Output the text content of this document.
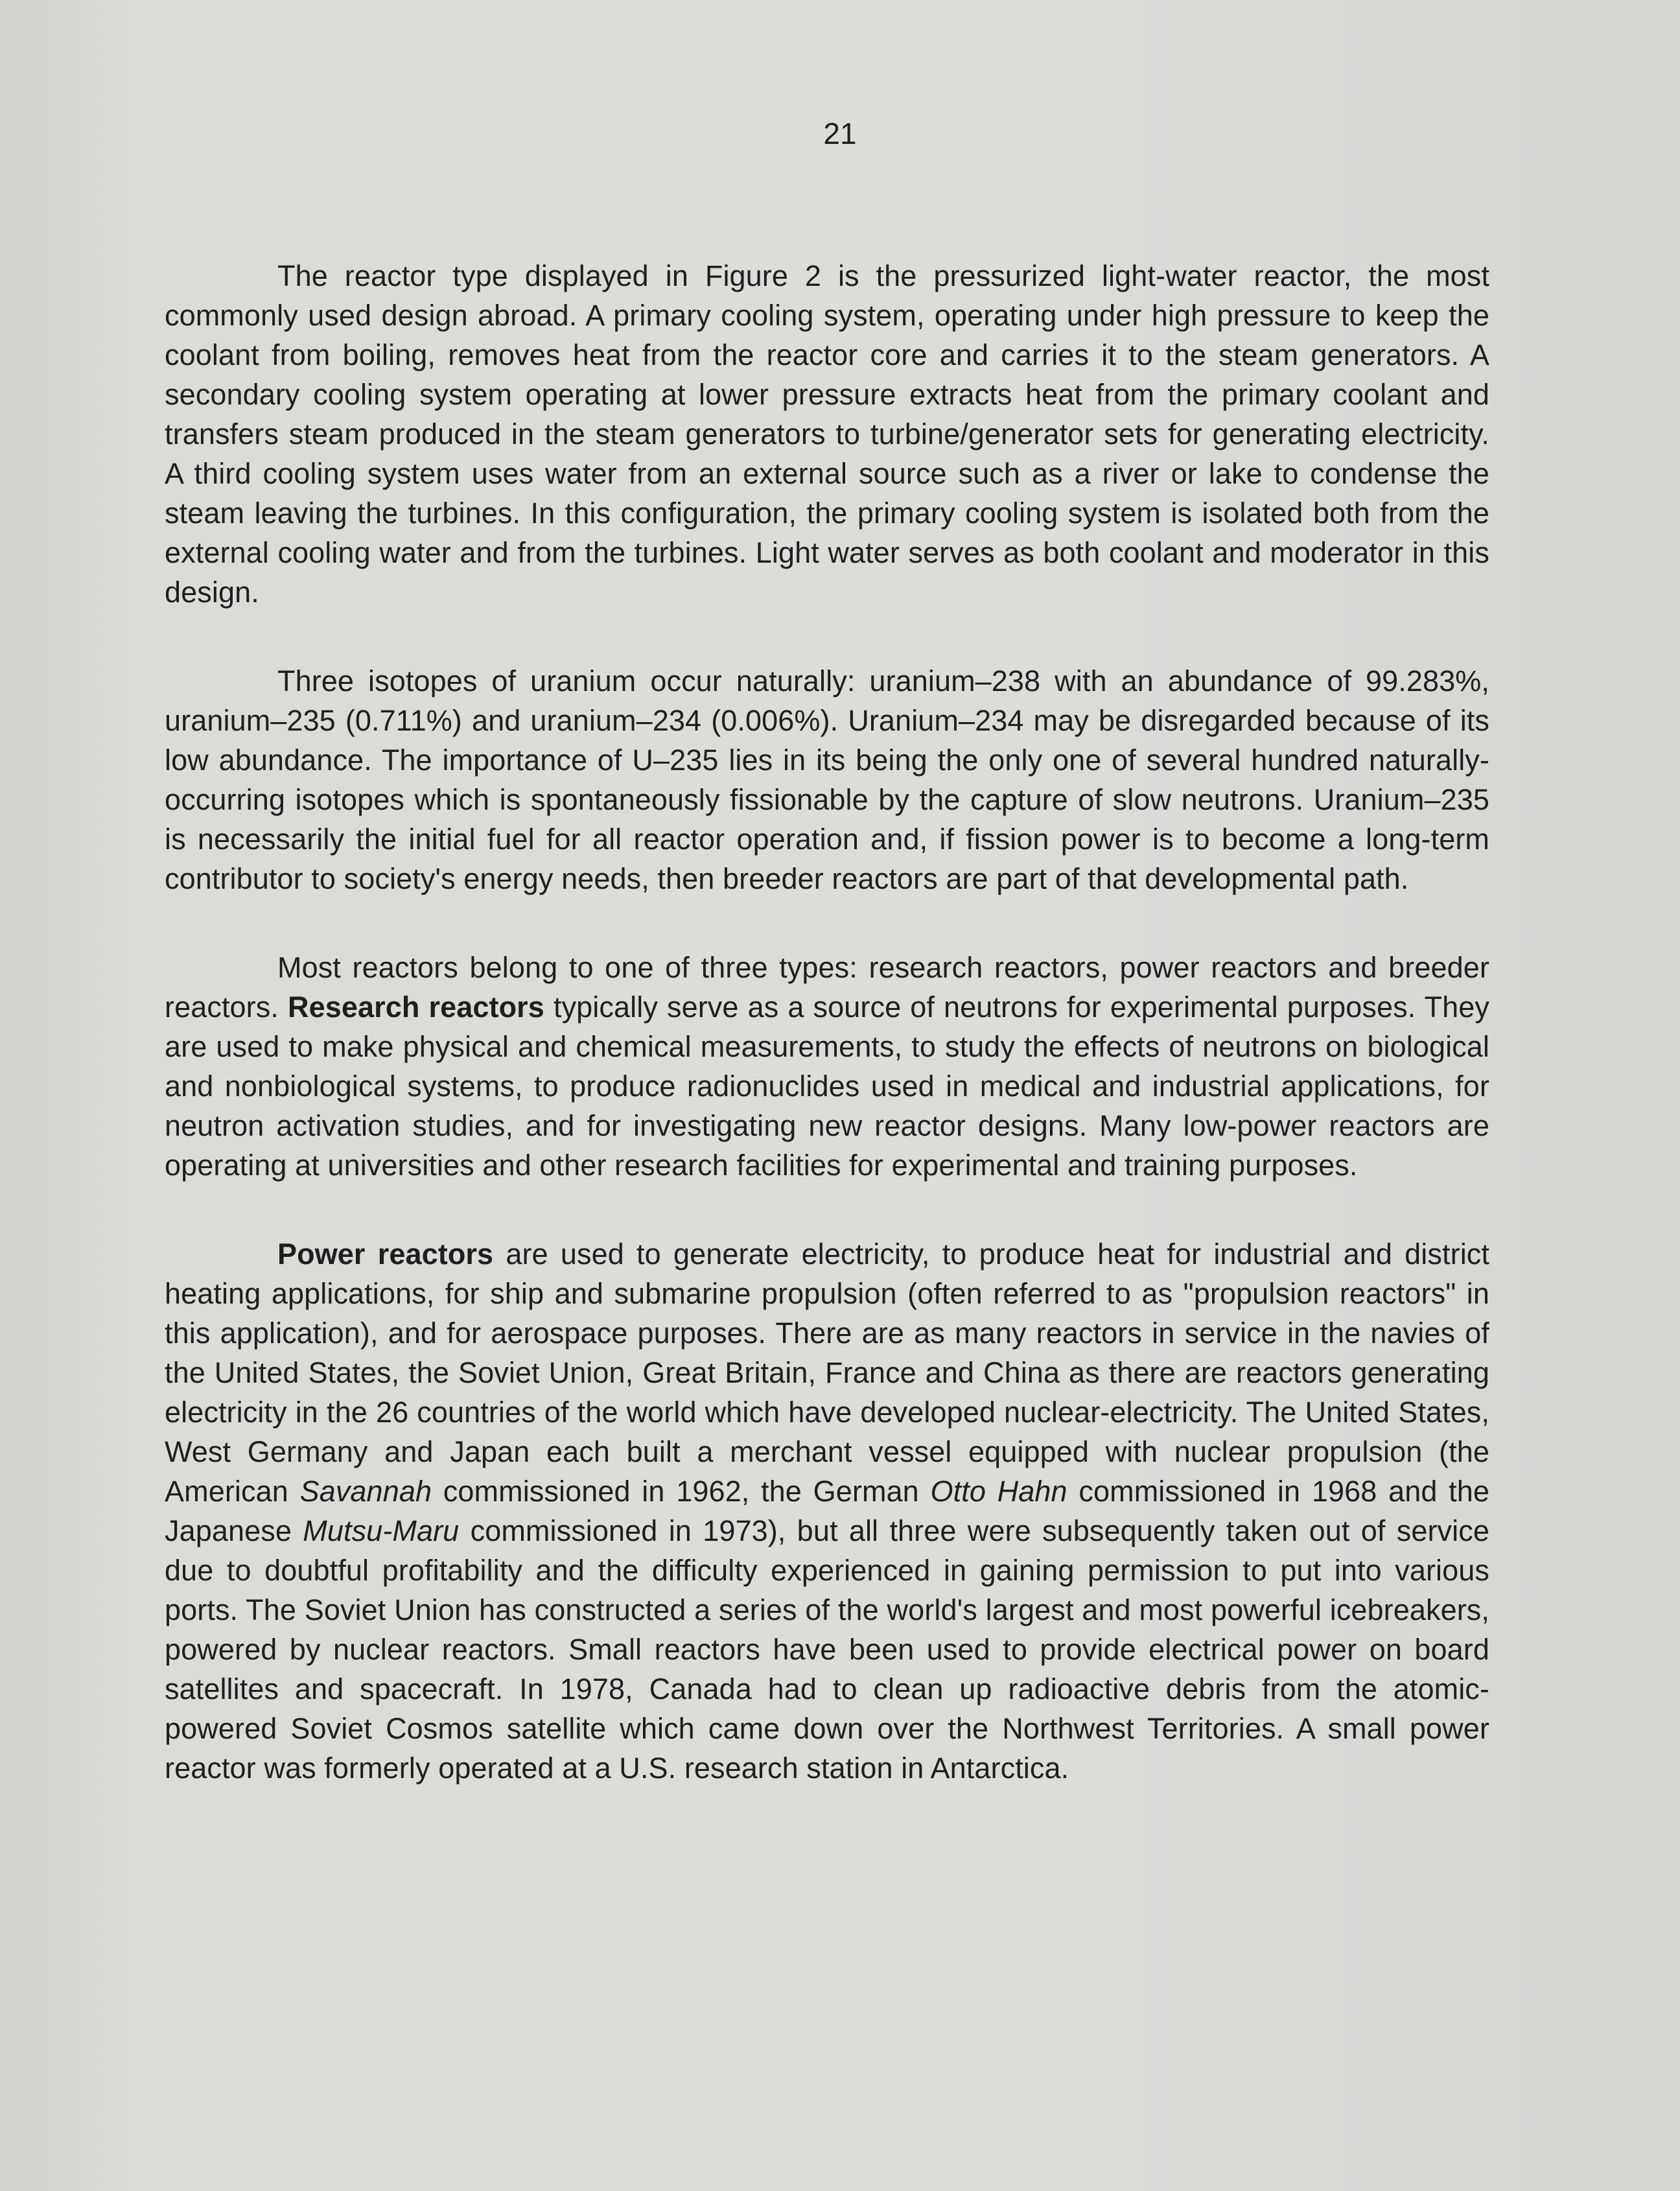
21

The reactor type displayed in Figure 2 is the pressurized light-water reactor, the most commonly used design abroad. A primary cooling system, operating under high pressure to keep the coolant from boiling, removes heat from the reactor core and carries it to the steam generators. A secondary cooling system operating at lower pressure extracts heat from the primary coolant and transfers steam produced in the steam generators to turbine/generator sets for generating electricity. A third cooling system uses water from an external source such as a river or lake to condense the steam leaving the turbines. In this configuration, the primary cooling system is isolated both from the external cooling water and from the turbines. Light water serves as both coolant and moderator in this design.

Three isotopes of uranium occur naturally: uranium–238 with an abundance of 99.283%, uranium–235 (0.711%) and uranium–234 (0.006%). Uranium–234 may be disregarded because of its low abundance. The importance of U–235 lies in its being the only one of several hundred naturally-occurring isotopes which is spontaneously fissionable by the capture of slow neutrons. Uranium–235 is necessarily the initial fuel for all reactor operation and, if fission power is to become a long-term contributor to society's energy needs, then breeder reactors are part of that developmental path.

Most reactors belong to one of three types: research reactors, power reactors and breeder reactors. Research reactors typically serve as a source of neutrons for experimental purposes. They are used to make physical and chemical measurements, to study the effects of neutrons on biological and nonbiological systems, to produce radionuclides used in medical and industrial applications, for neutron activation studies, and for investigating new reactor designs. Many low-power reactors are operating at universities and other research facilities for experimental and training purposes.

Power reactors are used to generate electricity, to produce heat for industrial and district heating applications, for ship and submarine propulsion (often referred to as "propulsion reactors" in this application), and for aerospace purposes. There are as many reactors in service in the navies of the United States, the Soviet Union, Great Britain, France and China as there are reactors generating electricity in the 26 countries of the world which have developed nuclear-electricity. The United States, West Germany and Japan each built a merchant vessel equipped with nuclear propulsion (the American Savannah commissioned in 1962, the German Otto Hahn commissioned in 1968 and the Japanese Mutsu-Maru commissioned in 1973), but all three were subsequently taken out of service due to doubtful profitability and the difficulty experienced in gaining permission to put into various ports. The Soviet Union has constructed a series of the world's largest and most powerful icebreakers, powered by nuclear reactors. Small reactors have been used to provide electrical power on board satellites and spacecraft. In 1978, Canada had to clean up radioactive debris from the atomic-powered Soviet Cosmos satellite which came down over the Northwest Territories. A small power reactor was formerly operated at a U.S. research station in Antarctica.
